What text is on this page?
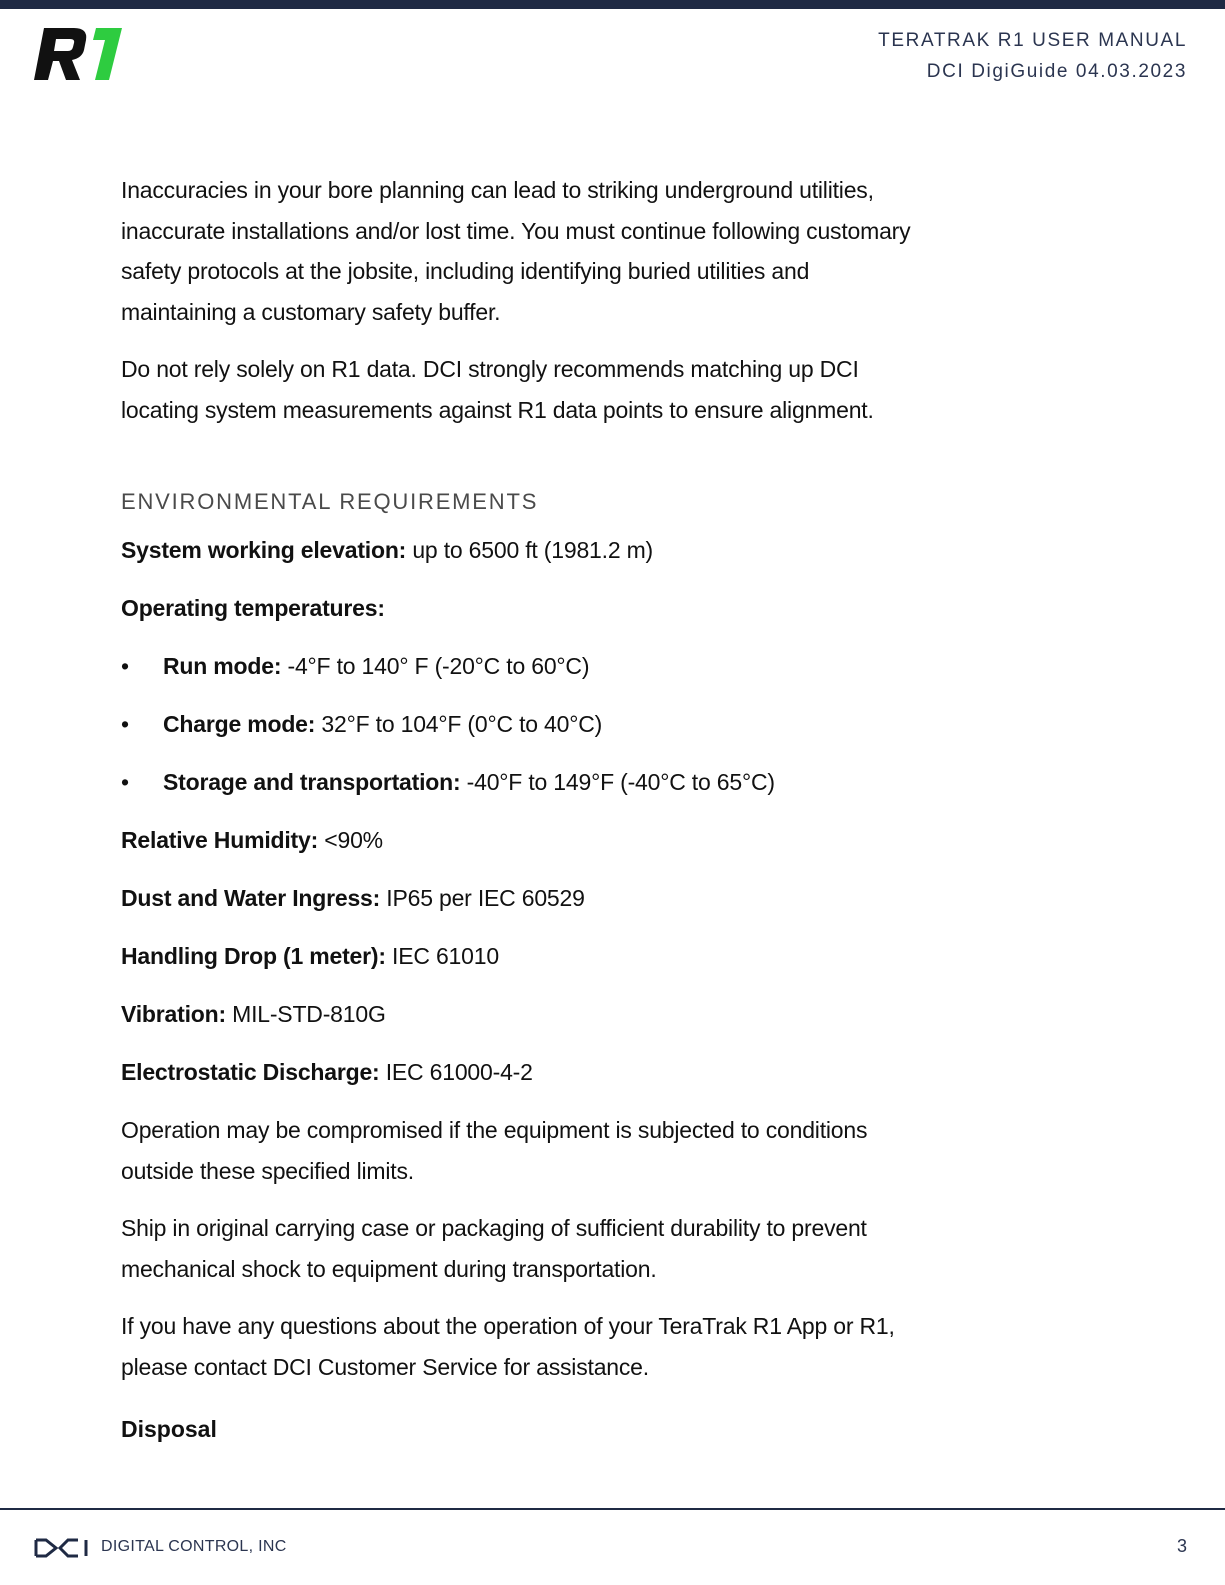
TERATRAK R1 USER MANUAL
DCI DigiGuide 04.03.2023

Inaccuracies in your bore planning can lead to striking underground utilities, inaccurate installations and/or lost time. You must continue following customary safety protocols at the jobsite, including identifying buried utilities and maintaining a customary safety buffer.

Do not rely solely on R1 data. DCI strongly recommends matching up DCI locating system measurements against R1 data points to ensure alignment.

ENVIRONMENTAL REQUIREMENTS
System working elevation: up to 6500 ft (1981.2 m)
Operating temperatures:
• Run mode: -4°F to 140° F (-20°C to 60°C)
• Charge mode: 32°F to 104°F (0°C to 40°C)
• Storage and transportation: -40°F to 149°F (-40°C to 65°C)
Relative Humidity: <90%
Dust and Water Ingress: IP65 per IEC 60529
Handling Drop (1 meter): IEC 61010
Vibration: MIL-STD-810G
Electrostatic Discharge: IEC 61000-4-2

Operation may be compromised if the equipment is subjected to conditions outside these specified limits.

Ship in original carrying case or packaging of sufficient durability to prevent mechanical shock to equipment during transportation.

If you have any questions about the operation of your TeraTrak R1 App or R1, please contact DCI Customer Service for assistance.

Disposal
DIGITAL CONTROL, INC	3
